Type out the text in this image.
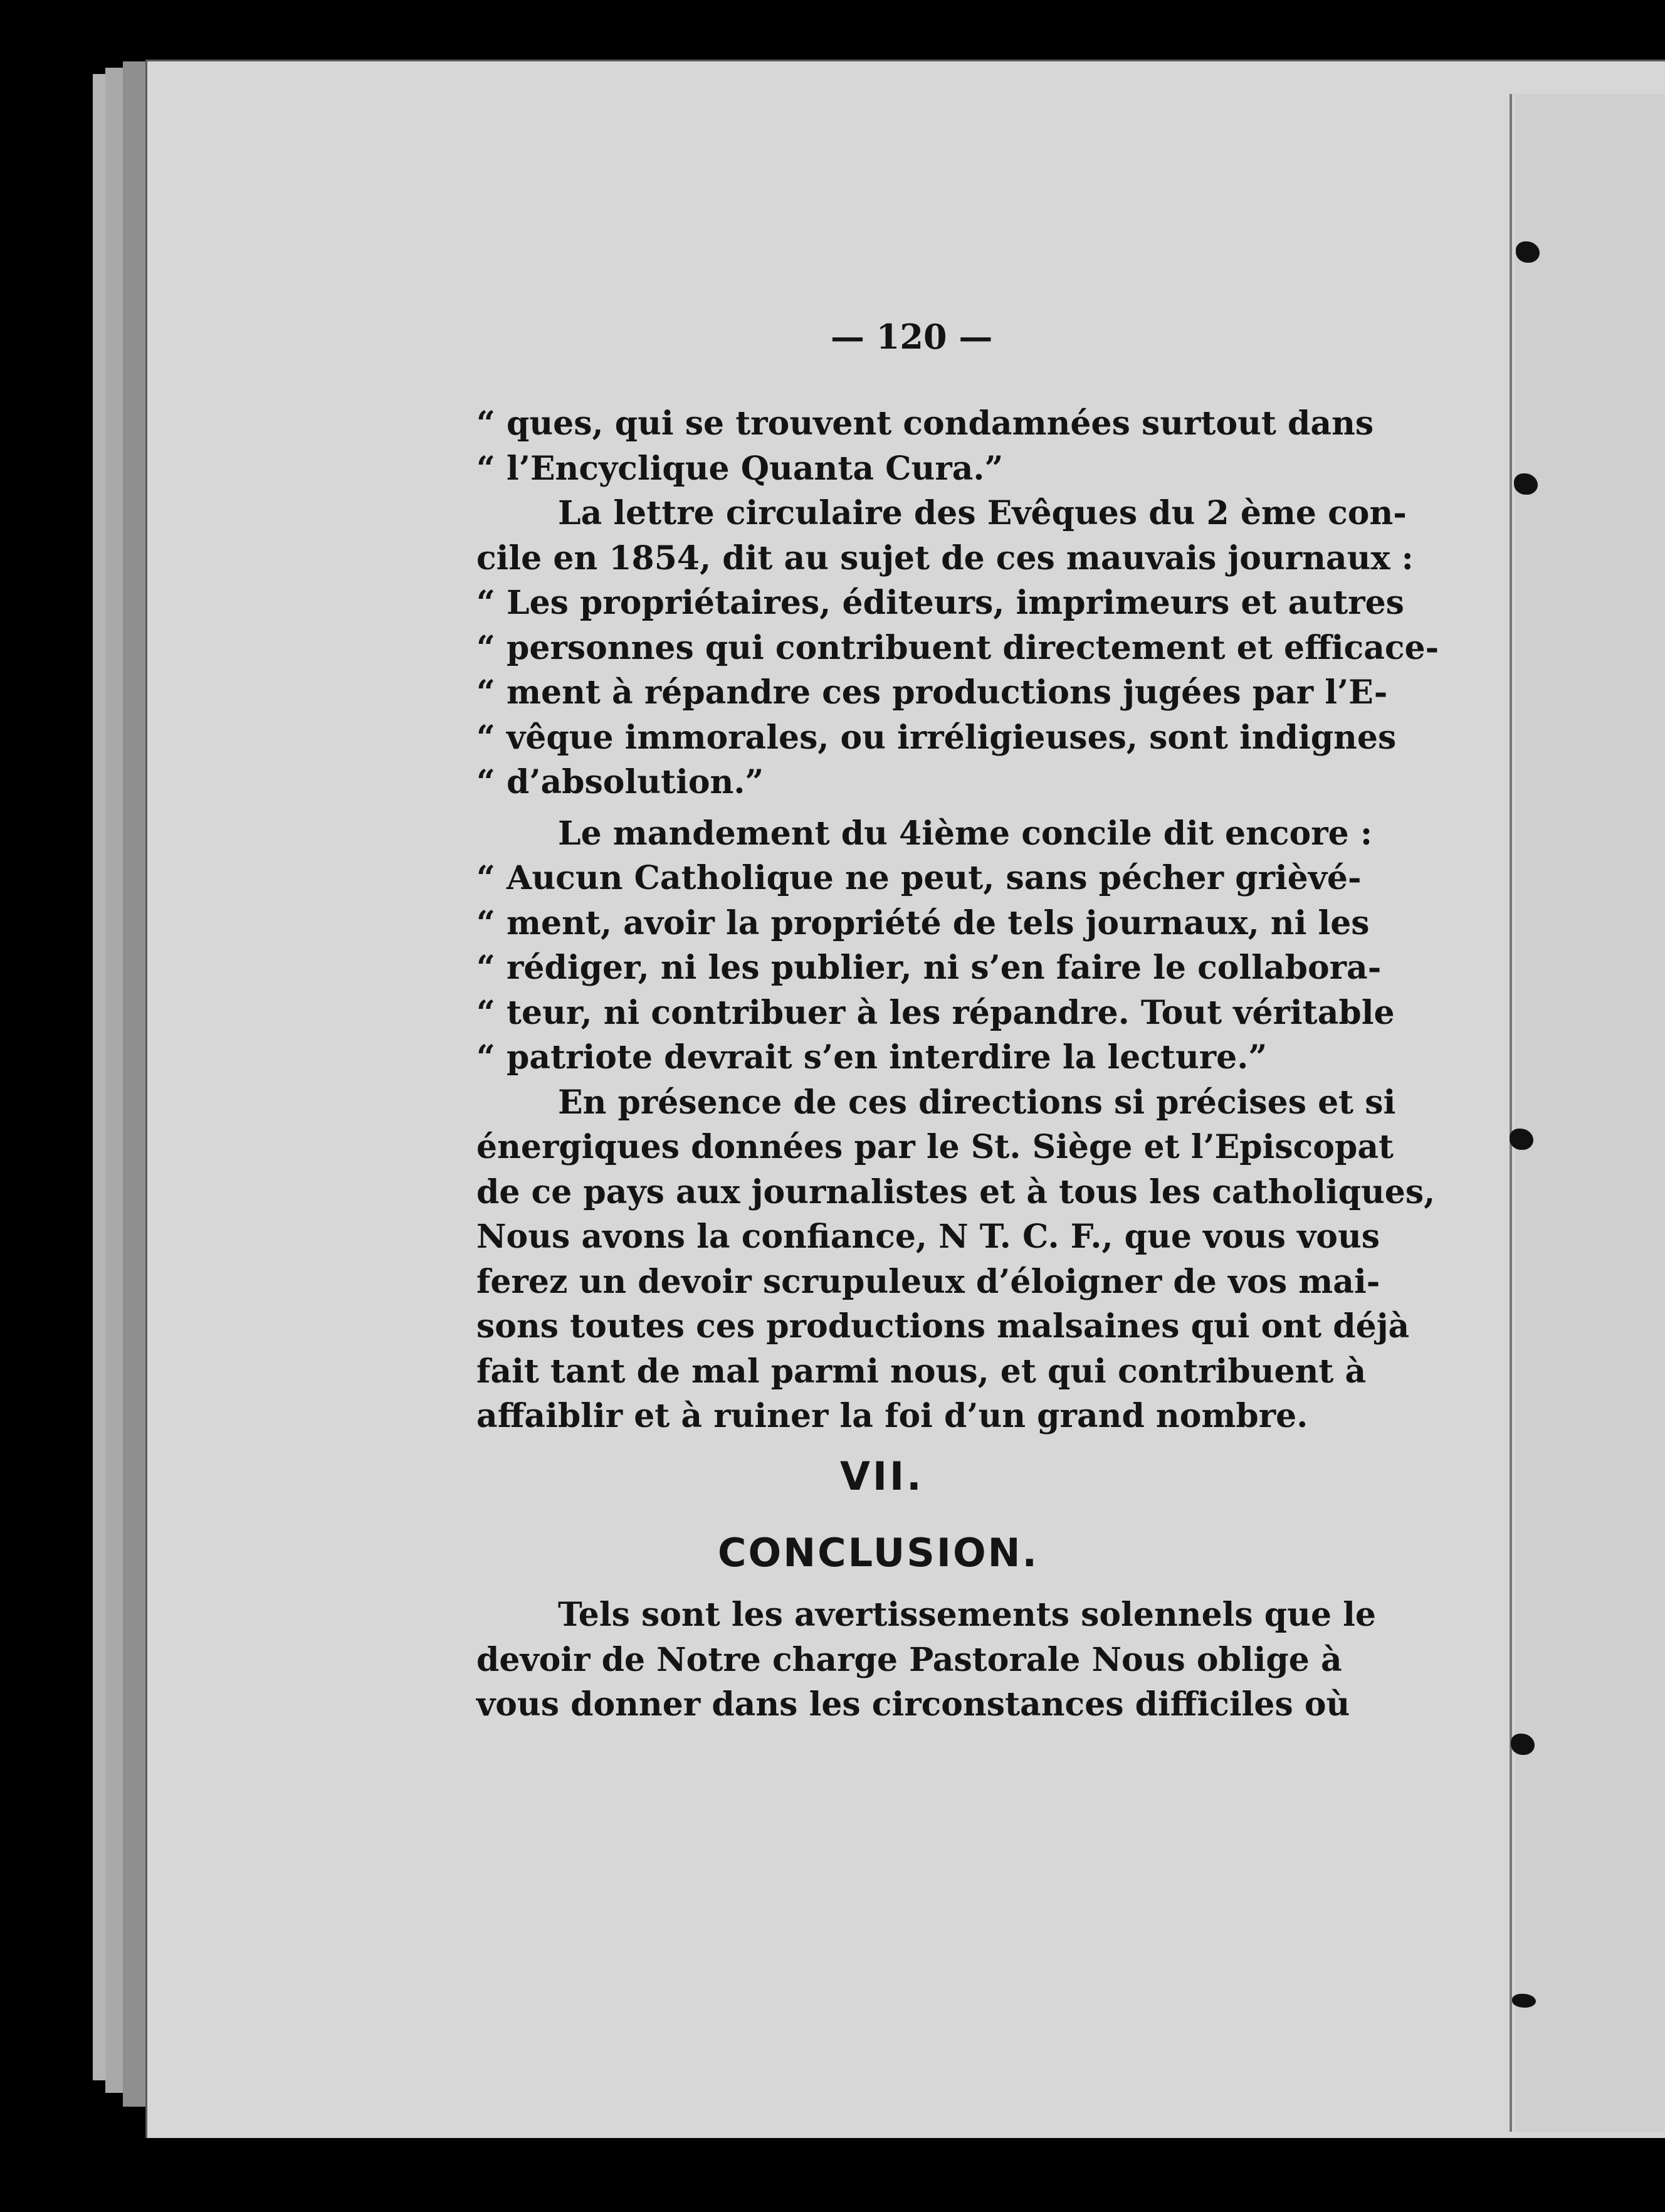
— 120 —
“ ques, qui se trouvent condamnées surtout dans
“ l’Encyclique Quanta Cura.”
La lettre circulaire des Evêques du 2 ème con-
cile en 1854, dit au sujet de ces mauvais journaux :
“ Les propriétaires, éditeurs, imprimeurs et autres
“ personnes qui contribuent directement et efficace-
“ ment à répandre ces productions jugées par l’E-
“ vêque immorales, ou irréligieuses, sont indignes
“ d’absolution.”
Le mandement du 4ième concile dit encore :
“ Aucun Catholique ne peut, sans pécher grièvé-
“ ment, avoir la propriété de tels journaux, ni les
“ rédiger, ni les publier, ni s’en faire le collabora-
“ teur, ni contribuer à les répandre. Tout véritable
“ patriote devrait s’en interdire la lecture.”
En présence de ces directions si précises et si
énergiques données par le St. Siège et l’Episcopat
de ce pays aux journalistes et à tous les catholiques,
Nous avons la confiance, N T. C. F., que vous vous
ferez un devoir scrupuleux d’éloigner de vos mai-
sons toutes ces productions malsaines qui ont déjà
fait tant de mal parmi nous, et qui contribuent à
affaiblir et à ruiner la foi d’un grand nombre.
VII.
CONCLUSION.
Tels sont les avertissements solennels que le
devoir de Notre charge Pastorale Nous oblige à
vous donner dans les circonstances difficiles où
